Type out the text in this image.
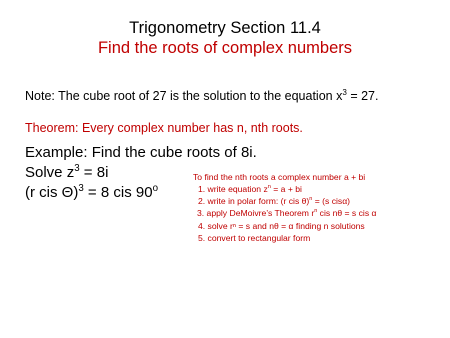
Trigonometry Section 11.4
Find the roots of complex numbers
Note: The cube root of 27 is the solution to the equation $x^3 = 27$.
Theorem: Every complex number has n, nth roots.
Example: Find the cube roots of 8i.
Solve $z^3 = 8i$
(r cis Θ)$^3$ = 8 cis 90$^o$
To find the nth roots a complex number a + bi
1. write equation $z^n = a$ + bi
2. write in polar form: (r cis θ)$^n$ = (s cisα)
3. apply DeMoivre’s Theorem $r^n$ cis nθ = s cis α
4. solve rⁿ = s and nθ = α finding n solutions
5. convert to rectangular form
